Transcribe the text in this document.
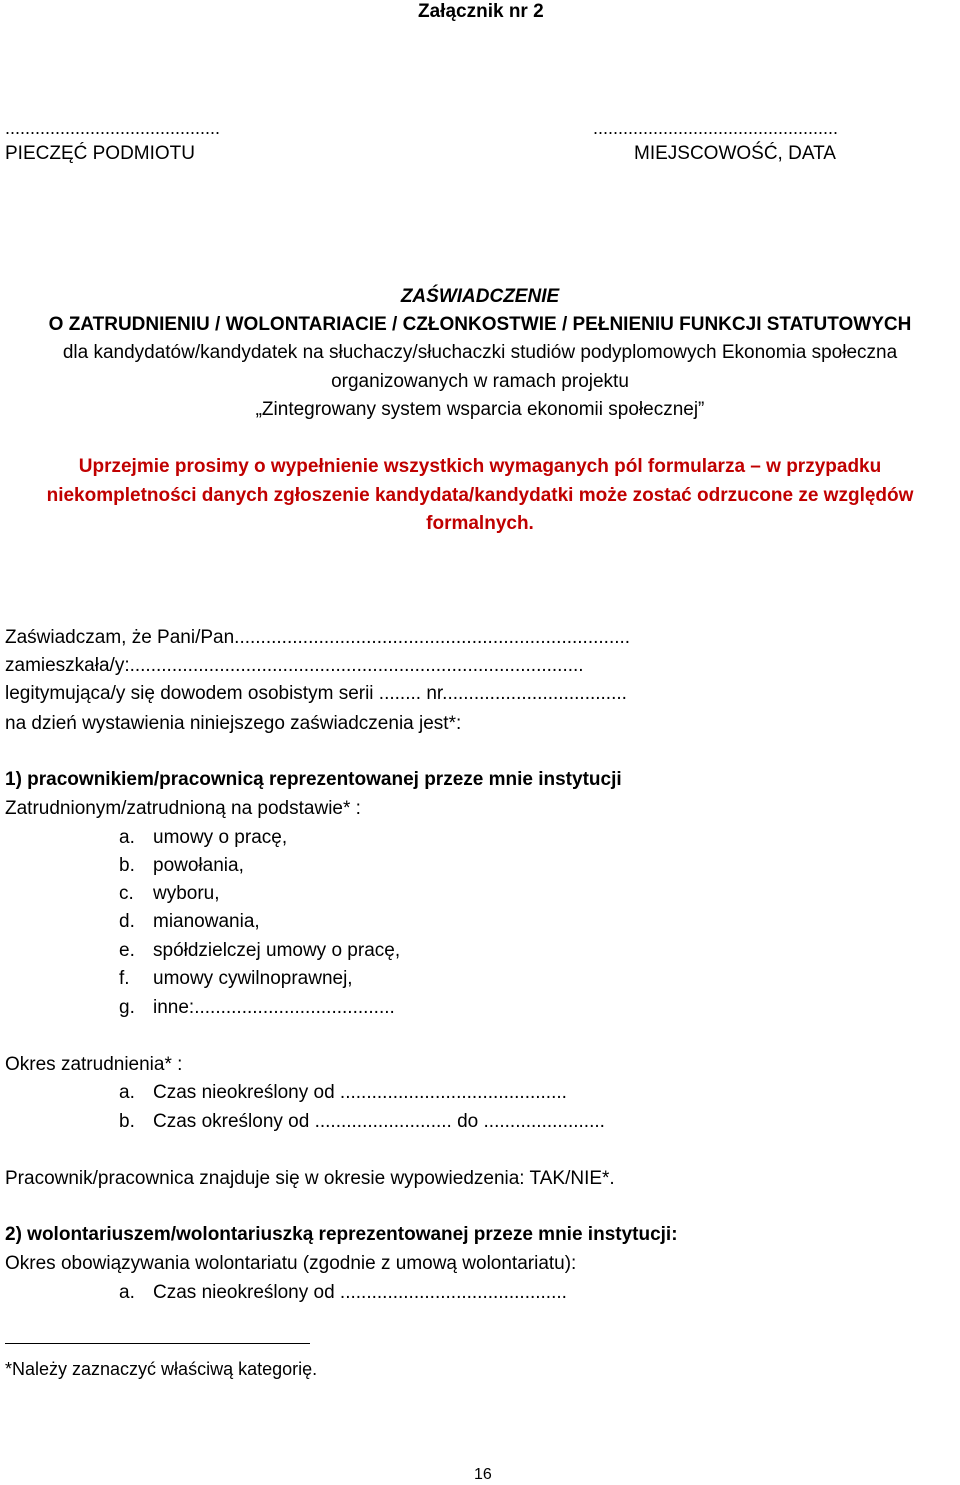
Załącznik nr 2
...........................................	.................................................
PIECZĘĆ PODMIOTU	MIEJSCOWOŚĆ, DATA
ZAŚWIADCZENIE
O ZATRUDNIENIU / WOLONTARIACIE / CZŁONKOSTWIE / PEŁNIENIU FUNKCJI STATUTOWYCH
dla kandydatów/kandydatek na słuchaczy/słuchaczki studiów podyplomowych Ekonomia społeczna
organizowanych w ramach projektu
„Zintegrowany system wsparcia ekonomii społecznej”
Uprzejmie prosimy o wypełnienie wszystkich wymaganych pól formularza – w przypadku
niekompletności danych zgłoszenie kandydata/kandydatki może zostać odrzucone ze względów
formalnych.
Zaświadczam, że Pani/Pan...........................................................................
zamieszkała/y:......................................................................................
legitymująca/y się dowodem osobistym serii ........ nr...................................
na dzień wystawienia niniejszego zaświadczenia jest*:
1) pracownikiem/pracownicą reprezentowanej przeze mnie instytucji
Zatrudnionym/zatrudnioną na podstawie* :
a. umowy o pracę,
b. powołania,
c. wyboru,
d. mianowania,
e. spółdzielczej umowy o pracę,
f. umowy cywilnoprawnej,
g. inne:......................................
Okres zatrudnienia* :
a. Czas nieokreślony od ...........................................
b. Czas określony od .......................... do .......................
Pracownik/pracownica znajduje się w okresie wypowiedzenia: TAK/NIE*.
2) wolontariuszem/wolontariuszką reprezentowanej przeze mnie instytucji:
Okres obowiązywania wolontariatu (zgodnie z umową wolontariatu):
a. Czas nieokreślony od ...........................................
*Należy zaznaczyć właściwą kategorię.
16
